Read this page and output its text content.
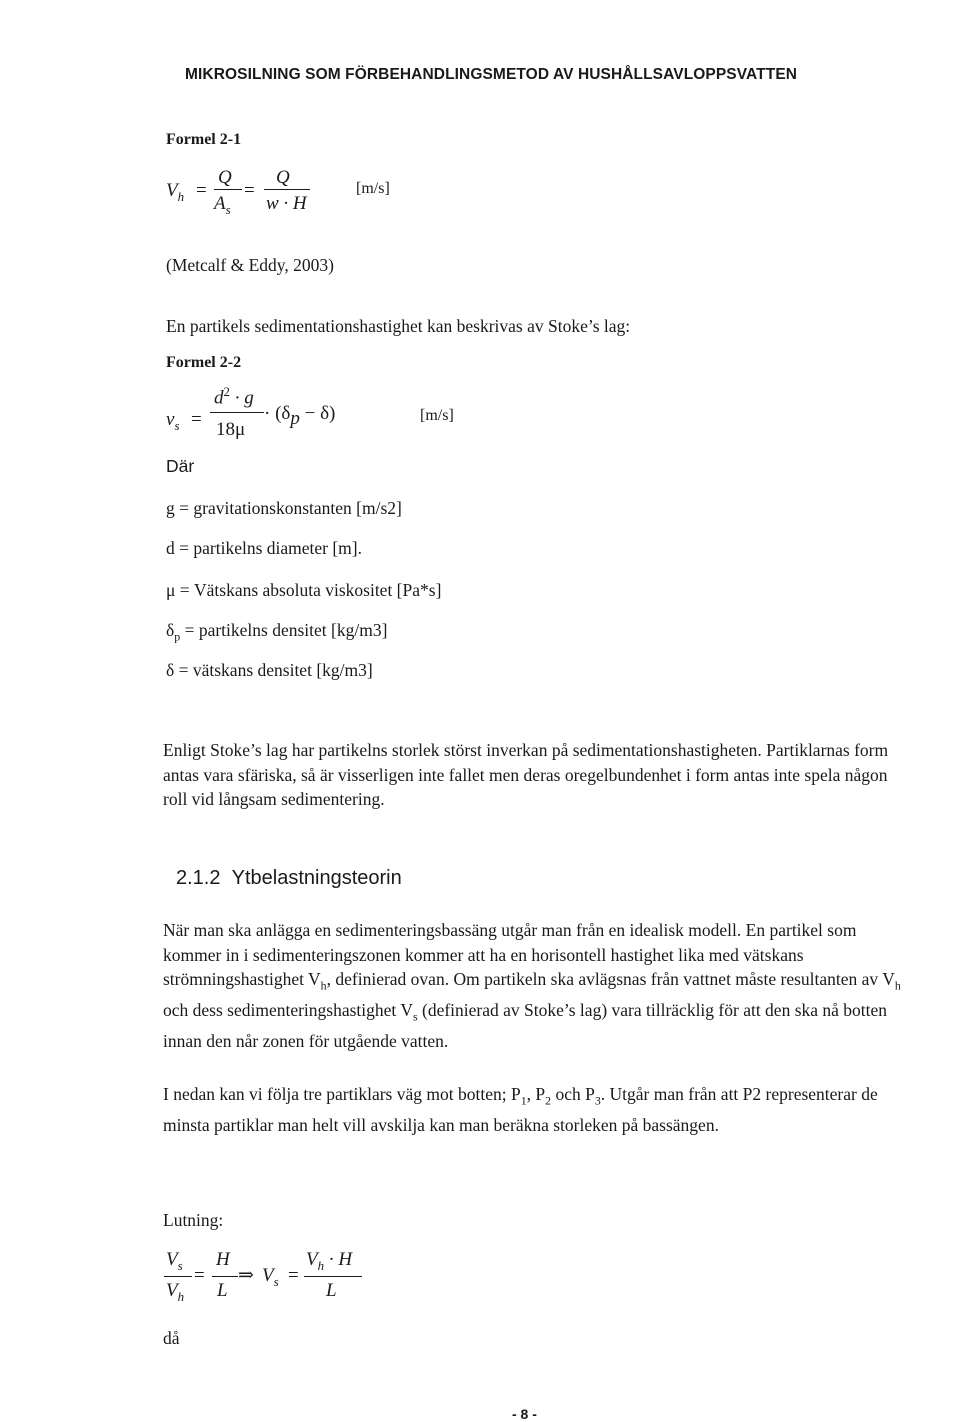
MIKROSILNING SOM FÖRBEHANDLINGSMETOD AV HUSHÅLLSAVLOPPSVATTEN
Formel 2-1
$V_h$ =
Q
$A_s$
=
Q
w · H
[m/s]
(Metcalf & Eddy, 2003)
En partikels sedimentationshastighet kan beskrivas av Stoke’s lag:
Formel 2-2
$v_s$ =
$d^2 \cdot g$
18μ
· $(\delta_p - \delta)$	[m/s]
Där
g = gravitationskonstanten [m/s2]
d = partikelns diameter [m].
μ = Vätskans absoluta viskositet [Pa*s]
$\delta_p$ = partikelns densitet [kg/m3]
δ = vätskans densitet [kg/m3]
Enligt Stoke’s lag har partikelns storlek störst inverkan på sedimentationshastigheten. Partiklarnas form antas vara sfäriska, så är visserligen inte fallet men deras oregelbundenhet i form antas inte spela någon roll vid långsam sedimentering.
2.1.2 Ytbelastningsteorin
När man ska anlägga en sedimenteringsbassäng utgår man från en idealisk modell. En partikel som kommer in i sedimenteringszonen kommer att ha en horisontell hastighet lika med vätskans strömningshastighet $V_h$, definierad ovan. Om partikeln ska avlägsnas från vattnet måste resultanten av $V_h$ och dess sedimenteringshastighet $V_s$ (definierad av Stoke’s lag) vara tillräcklig för att den ska nå botten innan den når zonen för utgående vatten.
I nedan kan vi följa tre partiklars väg mot botten; $P_1$, $P_2$ och $P_3$. Utgår man från att P2 representerar de minsta partiklar man helt vill avskilja kan man beräkna storleken på bassängen.
Lutning:
$V_s$
$V_h$
=
H
L
⇒ $V_s$ =
$V_h \cdot H$
L
då
- 8 -
